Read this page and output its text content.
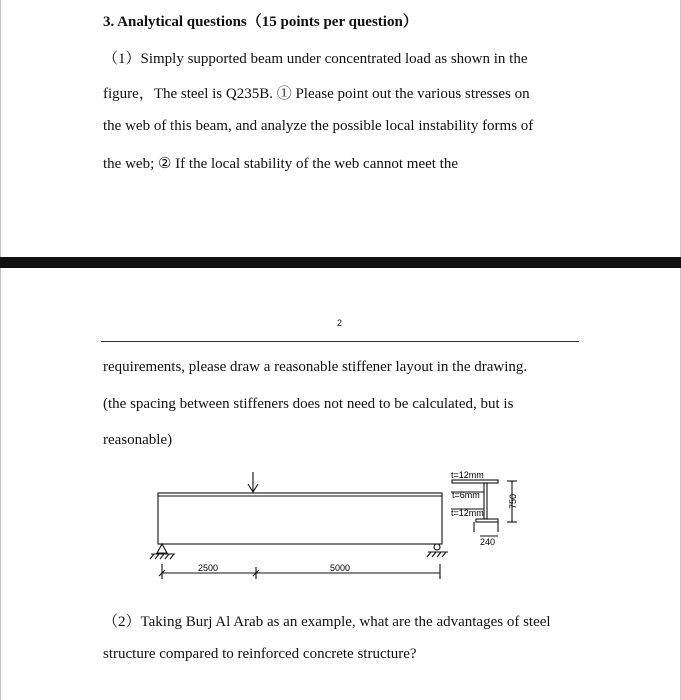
3. Analytical questions（15 points per question）
（1）Simply supported beam under concentrated load as shown in the
figure，The steel is Q235B. ① Please point out the various stresses on
the web of this beam, and analyze the possible local instability forms of
the web; ② If the local stability of the web cannot meet the
2
requirements, please draw a reasonable stiffener layout in the drawing.
(the spacing between stiffeners does not need to be calculated, but is
reasonable)
2500	5000
t=12mm
t=6mm
t=12mm
240
750
（2）Taking Burj Al Arab as an example, what are the advantages of steel
structure compared to reinforced concrete structure?
